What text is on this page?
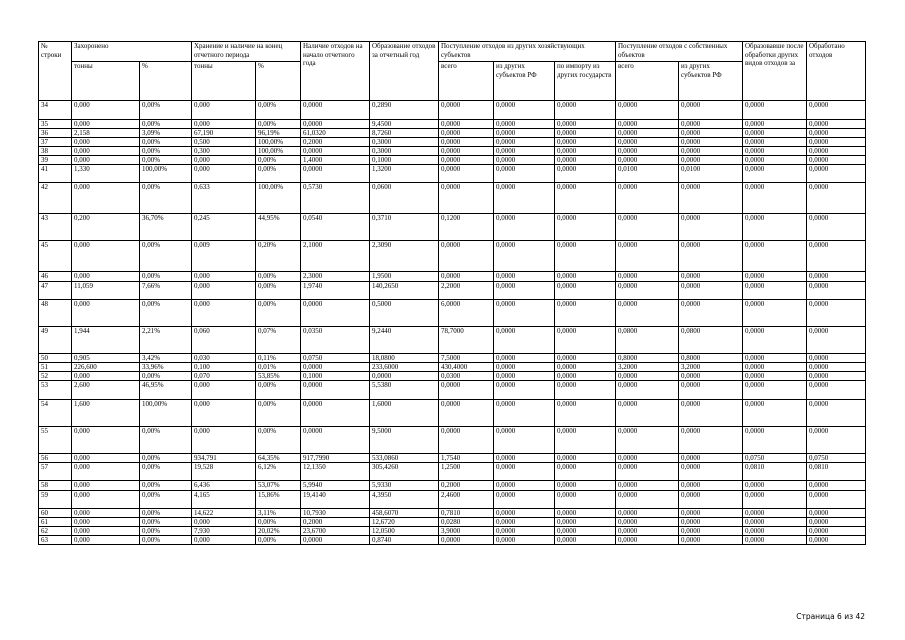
№ строки	Захоронено		Хранение и наличие на конец отчетного периода		Наличие отходов на начало отчетного года	Образование отходов за отчетный год	Поступление отходов из других хозяйствующих субъектов			Поступление отходов с собственных объектов		Образовавше после обработки других видов отходов за	Обработано отходов
	тонны	%	тонны	%			всего	из других субъектов РФ	по импорту из других государств	всего	из других субъектов РФ		
34	0,000	0,00%	0,000	0,00%	0,0000	0,2890	0,0000	0,0000	0,0000	0,0000	0,0000	0,0000	0,0000
35	0,000	0,00%	0,000	0,00%	0,0000	9,4500	0,0000	0,0000	0,0000	0,0000	0,0000	0,0000	0,0000
36	2,158	3,09%	67,190	96,19%	61,0320	8,7260	0,0000	0,0000	0,0000	0,0000	0,0000	0,0000	0,0000
37	0,000	0,00%	0,500	100,00%	0,2000	0,3000	0,0000	0,0000	0,0000	0,0000	0,0000	0,0000	0,0000
38	0,000	0,00%	0,300	100,00%	0,0000	0,3000	0,0000	0,0000	0,0000	0,0000	0,0000	0,0000	0,0000
39	0,000	0,00%	0,000	0,00%	1,4000	0,1000	0,0000	0,0000	0,0000	0,0000	0,0000	0,0000	0,0000
41	1,330	100,00%	0,000	0,00%	0,0000	1,3200	0,0000	0,0000	0,0000	0,0100	0,0100	0,0000	0,0000
42	0,000	0,00%	0,633	100,00%	0,5730	0,0600	0,0000	0,0000	0,0000	0,0000	0,0000	0,0000	0,0000
43	0,200	36,70%	0,245	44,95%	0,0540	0,3710	0,1200	0,0000	0,0000	0,0000	0,0000	0,0000	0,0000
45	0,000	0,00%	0,009	0,20%	2,1000	2,3090	0,0000	0,0000	0,0000	0,0000	0,0000	0,0000	0,0000
46	0,000	0,00%	0,000	0,00%	2,3000	1,9500	0,0000	0,0000	0,0000	0,0000	0,0000	0,0000	0,0000
47	11,059	7,66%	0,000	0,00%	1,9740	140,2650	2,2000	0,0000	0,0000	0,0000	0,0000	0,0000	0,0000
48	0,000	0,00%	0,000	0,00%	0,0000	0,5000	6,0000	0,0000	0,0000	0,0000	0,0000	0,0000	0,0000
49	1,944	2,21%	0,060	0,07%	0,0350	9,2440	78,7000	0,0000	0,0000	0,0800	0,0800	0,0000	0,0000
50	0,905	3,42%	0,030	0,11%	0,0750	18,0800	7,5000	0,0000	0,0000	0,8000	0,8000	0,0000	0,0000
51	226,600	33,96%	0,100	0,01%	0,0000	233,6000	430,4000	0,0000	0,0000	3,2000	3,2000	0,0000	0,0000
52	0,000	0,00%	0,070	53,85%	0,1000	0,0000	0,0300	0,0000	0,0000	0,0000	0,0000	0,0000	0,0000
53	2,600	46,95%	0,000	0,00%	0,0000	5,5380	0,0000	0,0000	0,0000	0,0000	0,0000	0,0000	0,0000
54	1,600	100,00%	0,000	0,00%	0,0000	1,6000	0,0000	0,0000	0,0000	0,0000	0,0000	0,0000	0,0000
55	0,000	0,00%	0,000	0,00%	0,0000	9,5000	0,0000	0,0000	0,0000	0,0000	0,0000	0,0000	0,0000
56	0,000	0,00%	934,791	64,35%	917,7990	533,0860	1,7540	0,0000	0,0000	0,0000	0,0000	0,0750	0,0750
57	0,000	0,00%	19,528	6,12%	12,1350	305,4260	1,2500	0,0000	0,0000	0,0000	0,0000	0,0810	0,0810
58	0,000	0,00%	6,436	53,07%	5,9940	5,9330	0,2000	0,0000	0,0000	0,0000	0,0000	0,0000	0,0000
59	0,000	0,00%	4,165	15,86%	19,4140	4,3950	2,4600	0,0000	0,0000	0,0000	0,0000	0,0000	0,0000
60	0,000	0,00%	14,622	3,11%	10,7930	458,6070	0,7810	0,0000	0,0000	0,0000	0,0000	0,0000	0,0000
61	0,000	0,00%	0,000	0,00%	0,2000	12,6720	0,0280	0,0000	0,0000	0,0000	0,0000	0,0000	0,0000
62	0,000	0,00%	7,930	20,02%	23,6700	12,0500	3,9000	0,0000	0,0000	0,0000	0,0000	0,0000	0,0000
63	0,000	0,00%	0,000	0,00%	0,0000	0,8740	0,0000	0,0000	0,0000	0,0000	0,0000	0,0000	0,0000
Страница 6 из 42
